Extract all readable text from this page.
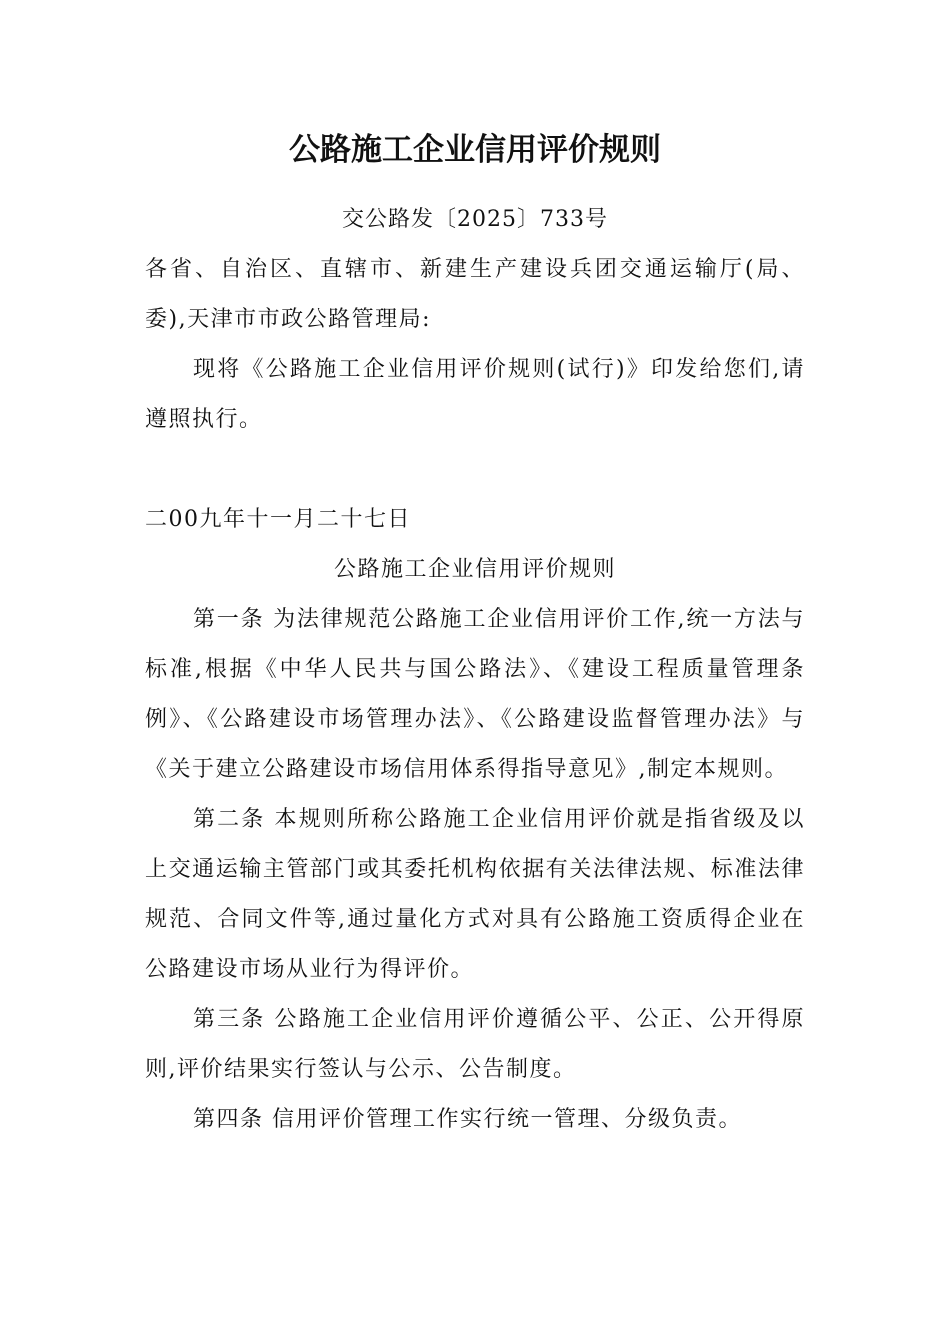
公路施工企业信用评价规则

交公路发〔2025〕733号

各省、自治区、直辖市、新建生产建设兵团交通运输厅(局、委),天津市市政公路管理局:

现将《公路施工企业信用评价规则(试行)》印发给您们,请遵照执行。

二00九年十一月二十七日

公路施工企业信用评价规则

第一条 为法律规范公路施工企业信用评价工作,统一方法与标准,根据《中华人民共与国公路法》、《建设工程质量管理条例》、《公路建设市场管理办法》、《公路建设监督管理办法》与《关于建立公路建设市场信用体系得指导意见》,制定本规则。

第二条 本规则所称公路施工企业信用评价就是指省级及以上交通运输主管部门或其委托机构依据有关法律法规、标准法律规范、合同文件等,通过量化方式对具有公路施工资质得企业在公路建设市场从业行为得评价。

第三条 公路施工企业信用评价遵循公平、公正、公开得原则,评价结果实行签认与公示、公告制度。

第四条 信用评价管理工作实行统一管理、分级负责。
